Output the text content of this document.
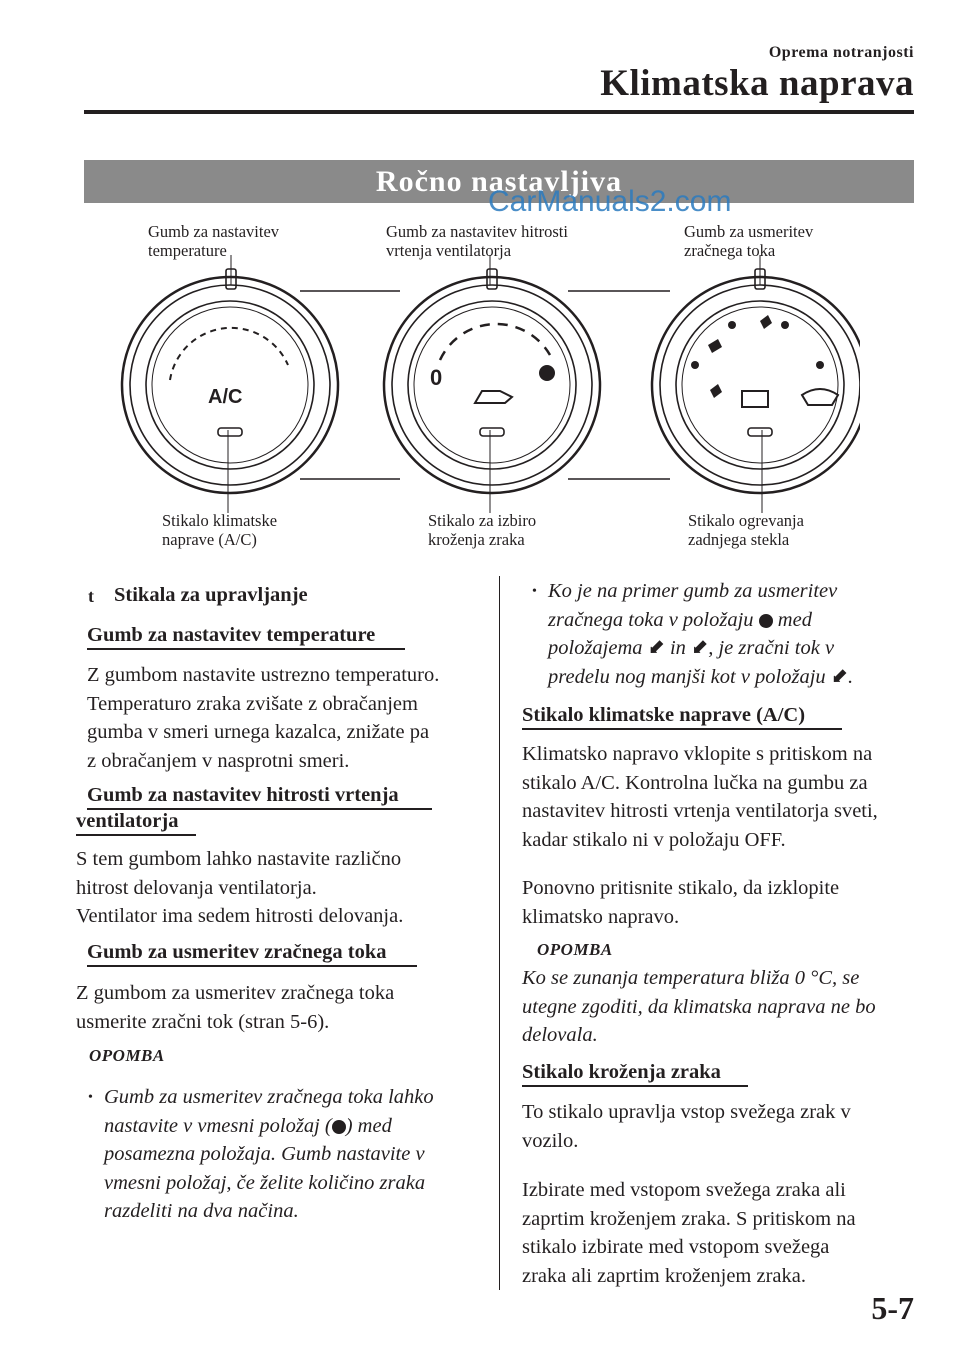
Oprema notranjosti
Klimatska naprava
Ročno nastavljiva
CarManuals2.com
Gumb za nastavitev
temperature
Gumb za nastavitev hitrosti
vrtenja ventilatorja
Gumb za usmeritev
zračnega toka
Stikalo klimatske
naprave (A/C)
Stikalo za izbiro
kroženja zraka
Stikalo ogrevanja
zadnjega stekla
A/C
0
t Stikala za upravljanje
Gumb za nastavitev temperature
Z gumbom nastavite ustrezno temperaturo.
Temperaturo zraka zvišate z obračanjem
gumba v smeri urnega kazalca, znižate pa
z obračanjem v nasprotni smeri.
Gumb za nastavitev hitrosti vrtenja
ventilatorja
S tem gumbom lahko nastavite različno
hitrost delovanja ventilatorja.
Ventilator ima sedem hitrosti delovanja.
Gumb za usmeritev zračnega toka
Z gumbom za usmeritev zračnega toka
usmerite zračni tok (stran 5-6).
OPOMBA
• Gumb za usmeritev zračnega toka lahko
nastavite v vmesni položaj ( ) med
posamezna položaja. Gumb nastavite v
vmesni položaj, če želite količino zraka
razdeliti na dva načina.
• Ko je na primer gumb za usmeritev
zračnega toka v položaju  med
položajema ⬋ in ⬋, je zračni tok v
predelu nog manjši kot v položaju ⬋.
Stikalo klimatske naprave (A/C)
Klimatsko napravo vklopite s pritiskom na
stikalo A/C. Kontrolna lučka na gumbu za
nastavitev hitrosti vrtenja ventilatorja sveti,
kadar stikalo ni v položaju OFF.
Ponovno pritisnite stikalo, da izklopite
klimatsko napravo.
OPOMBA
Ko se zunanja temperatura bliža 0 °C, se
utegne zgoditi, da klimatska naprava ne bo
delovala.
Stikalo kroženja zraka
To stikalo upravlja vstop svežega zrak v
vozilo.
Izbirate med vstopom svežega zraka ali
zaprtim kroženjem zraka. S pritiskom na
stikalo izbirate med vstopom svežega
zraka ali zaprtim kroženjem zraka.
5-7
